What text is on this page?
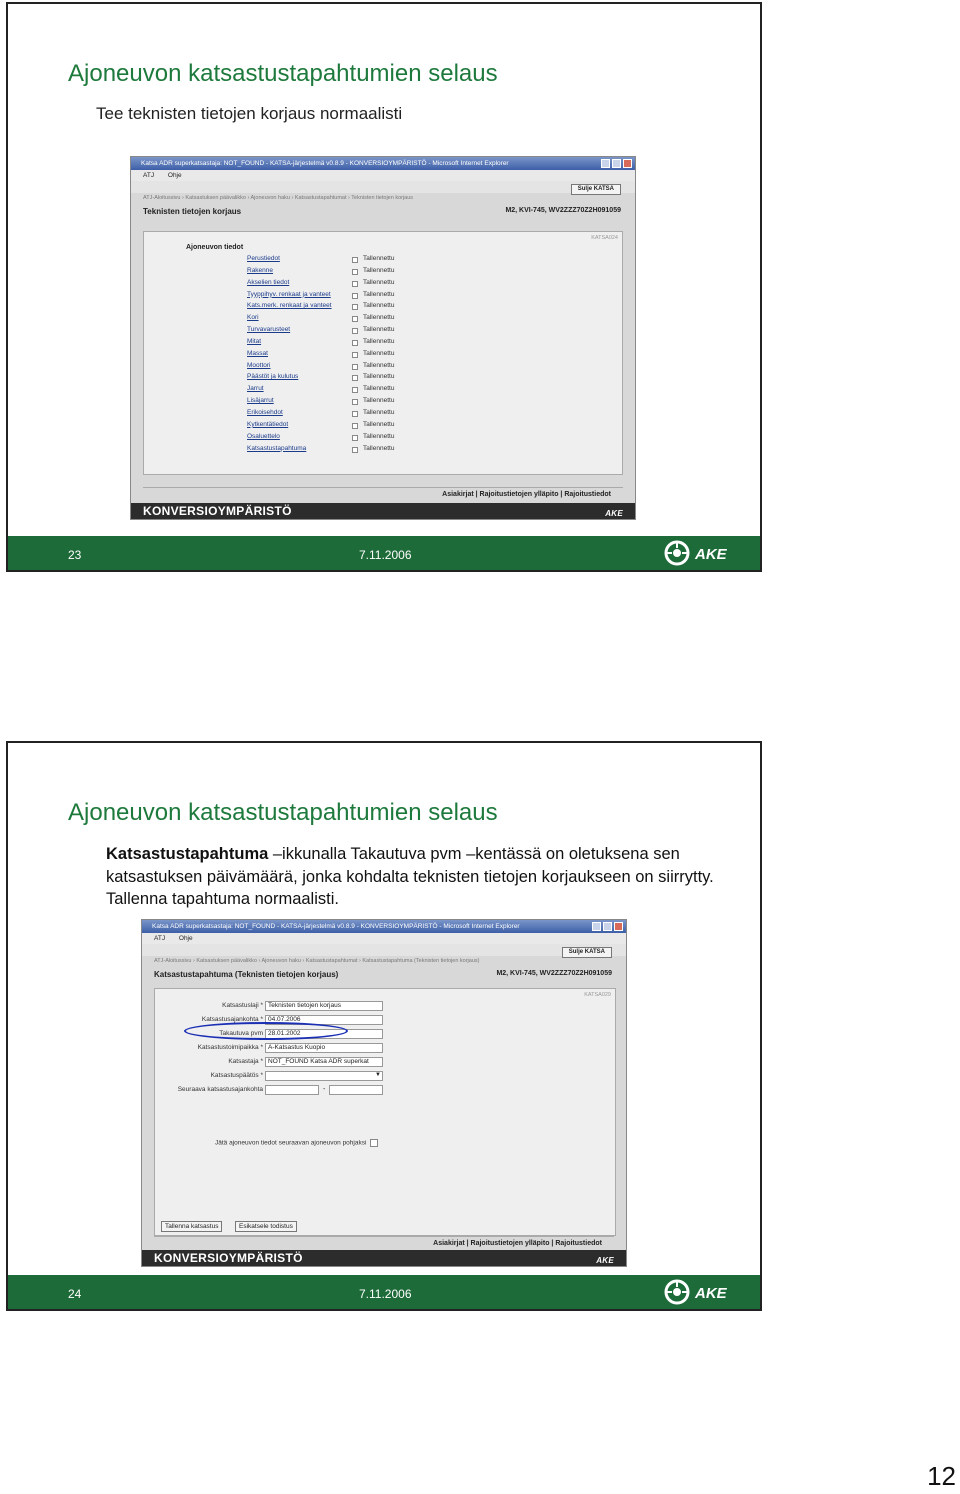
Ajoneuvon katsastustapahtumien selaus
Tee teknisten tietojen korjaus normaalisti
Katsa ADR superkatsastaja: NOT_FOUND - KATSA-järjestelmä v0.8.9 - KONVERSIOYMPÄRISTÖ - Microsoft Internet Explorer
ATJ Ohje
Sulje KATSA
ATJ-Aloitussivu › Katsastuksen päävalikko › Ajoneuvon haku › Katsastustapahtumat › Teknisten tietojen korjaus
Teknisten tietojen korjaus	M2, KVI-745, WV2ZZZ70Z2H091059
KATSA024
Ajoneuvon tiedot
Perustiedot	Tallennettu
Rakenne	Tallennettu
Akselien tiedot	Tallennettu
Tyyppihyv. renkaat ja vanteet	Tallennettu
Kats.merk. renkaat ja vanteet	Tallennettu
Kori	Tallennettu
Turvavarusteet	Tallennettu
Mitat	Tallennettu
Massat	Tallennettu
Moottori	Tallennettu
Päästöt ja kulutus	Tallennettu
Jarrut	Tallennettu
Lisäjarrut	Tallennettu
Erikoisehdot	Tallennettu
Kytkentätiedot	Tallennettu
Osaluettelo	Tallennettu
Katsastustapahtuma	Tallennettu
Asiakirjat | Rajoitustietojen ylläpito | Rajoitustiedot
KONVERSIOYMPÄRISTÖ	AKE
23	7.11.2006	AKE
Ajoneuvon katsastustapahtumien selaus
Katsastustapahtuma –ikkunalla Takautuva pvm –kentässä on oletuksena sen katsastuksen päivämäärä, jonka kohdalta teknisten tietojen korjaukseen on siirrytty. Tallenna tapahtuma normaalisti.
Katsa ADR superkatsastaja: NOT_FOUND - KATSA-järjestelmä v0.8.9 - KONVERSIOYMPÄRISTÖ - Microsoft Internet Explorer
ATJ Ohje
Sulje KATSA
ATJ-Aloitussivu › Katsastuksen päävalikko › Ajoneuvon haku › Katsastustapahtumat › Katsastustapahtuma (Teknisten tietojen korjaus)
Katsastustapahtuma (Teknisten tietojen korjaus)	M2, KVI-745, WV2ZZZ70Z2H091059
KATSA029
Katsastuslaji * Teknisten tietojen korjaus
Katsastusajankohta * 04.07.2006
Takautuva pvm 28.01.2002
Katsastustoimipaikka * A-Katsastus Kuopio
Katsastaja * NOT_FOUND Katsa ADR superkat
Katsastuspäätös *	▼
Seuraava katsastusajankohta	-
Jätä ajoneuvon tiedot seuraavan ajoneuvon pohjaksi
Tallenna katsastus	Esikatsele todistus
Asiakirjat | Rajoitustietojen ylläpito | Rajoitustiedot
KONVERSIOYMPÄRISTÖ	AKE
24	7.11.2006	AKE
12
